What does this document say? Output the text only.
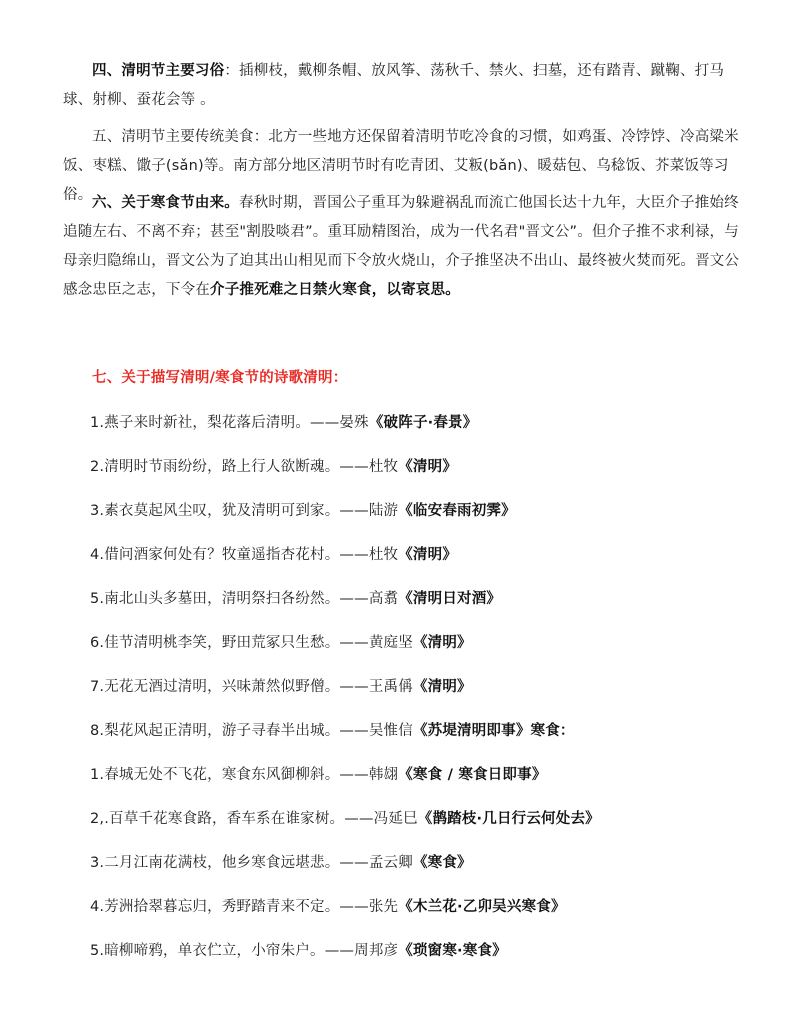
四、清明节主要习俗：插柳枝，戴柳条帽、放风筝、荡秋千、禁火、扫墓，还有踏青、蹴鞠、打马球、射柳、蚕花会等 。

五、清明节主要传统美食：北方一些地方还保留着清明节吃冷食的习惯，如鸡蛋、冷饽饽、冷高粱米饭、枣糕、馓子(sǎn)等。南方部分地区清明节时有吃青团、艾粄(bǎn)、暖菇包、乌稔饭、芥菜饭等习俗。 六、关于寒食节由来。春秋时期，晋国公子重耳为躲避祸乱而流亡他国长达十九年，大臣介子推始终追随左右、不离不弃；甚至"割股啖君”。重耳励精图治，成为一代名君"晋文公”。但介子推不求利禄，与母亲归隐绵山，晋文公为了迫其出山相见而下令放火烧山，介子推坚决不出山、最终被火焚而死。晋文公感念忠臣之志，下令在介子推死难之日禁火寒食，以寄哀思。

七、关于描写清明/寒食节的诗歌清明：

1.燕子来时新社，梨花落后清明。——晏殊《破阵子·春景》
2.清明时节雨纷纷，路上行人欲断魂。——杜牧《清明》
3.素衣莫起风尘叹，犹及清明可到家。——陆游《临安春雨初霁》
4.借问酒家何处有？牧童遥指杏花村。——杜牧《清明》
5.南北山头多墓田，清明祭扫各纷然。——高翥《清明日对酒》
6.佳节清明桃李笑，野田荒冢只生愁。——黄庭坚《清明》
7.无花无酒过清明，兴味萧然似野僧。——王禹偁《清明》
8.梨花风起正清明，游子寻春半出城。——吴惟信《苏堤清明即事》寒食：
1.春城无处不飞花，寒食东风御柳斜。——韩翃《寒食 / 寒食日即事》
2,.百草千花寒食路，香车系在谁家树。——冯延巳《鹊踏枝·几日行云何处去》
3.二月江南花满枝，他乡寒食远堪悲。——孟云卿《寒食》
4.芳洲拾翠暮忘归，秀野踏青来不定。——张先《木兰花·乙卯吴兴寒食》
5.暗柳啼鸦，单衣伫立，小帘朱户。——周邦彦《琐窗寒·寒食》
